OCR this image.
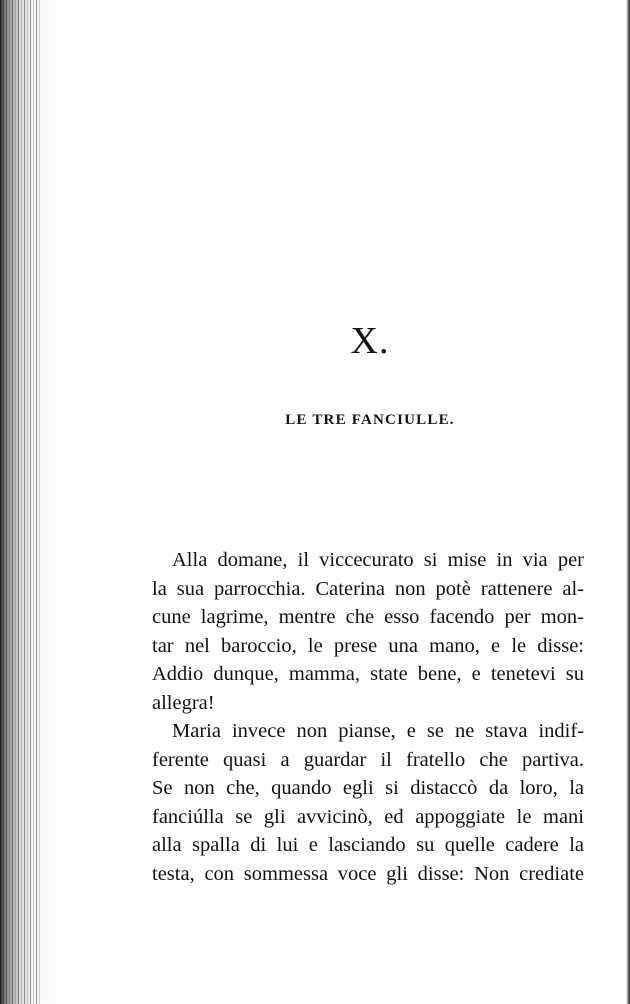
X.
LE TRE FANCIULLE.
Alla domane, il viccecurato si mise in via per
la sua parrocchia. Caterina non potè rattenere al-
cune lagrime, mentre che esso facendo per mon-
tar nel baroccio, le prese una mano, e le disse:
Addio dunque, mamma, state bene, e tenetevi su
allegra!
Maria invece non pianse, e se ne stava indif-
ferente quasi a guardar il fratello che partiva.
Se non che, quando egli si distaccò da loro, la
fanciúlla se gli avvicinò, ed appoggiate le mani
alla spalla di lui e lasciando su quelle cadere la
testa, con sommessa voce gli disse: Non crediate
